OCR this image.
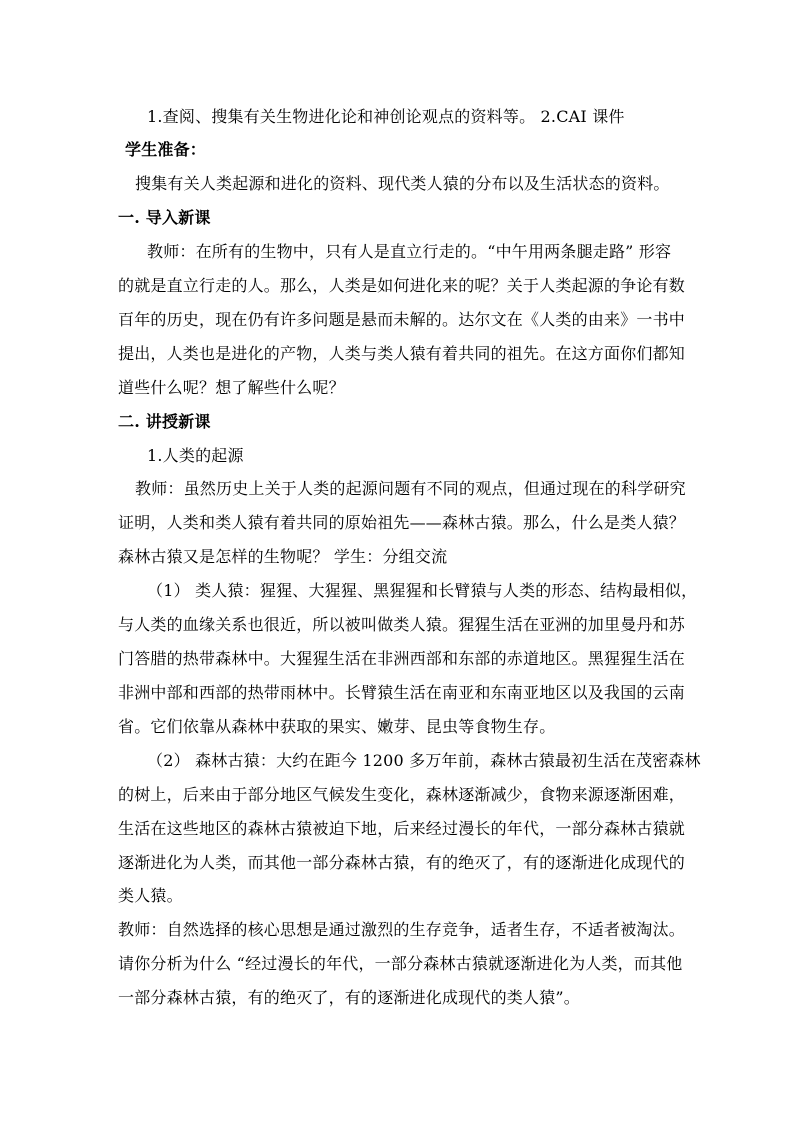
1.查阅、搜集有关生物进化论和神创论观点的资料等。 2.CAI 课件
学生准备：
搜集有关人类起源和进化的资料、现代类人猿的分布以及生活状态的资料。
一. 导入新课
教师：在所有的生物中，只有人是直立行走的。“中午用两条腿走路” 形容
的就是直立行走的人。那么，人类是如何进化来的呢？关于人类起源的争论有数
百年的历史，现在仍有许多问题是悬而未解的。达尔文在《人类的由来》一书中
提出，人类也是进化的产物，人类与类人猿有着共同的祖先。在这方面你们都知
道些什么呢？想了解些什么呢？
二. 讲授新课
1.人类的起源
教师：虽然历史上关于人类的起源问题有不同的观点，但通过现在的科学研究
证明，人类和类人猿有着共同的原始祖先——森林古猿。那么，什么是类人猿？
森林古猿又是怎样的生物呢？ 学生：分组交流
（1） 类人猿：猩猩、大猩猩、黑猩猩和长臂猿与人类的形态、结构最相似，
与人类的血缘关系也很近，所以被叫做类人猿。猩猩生活在亚洲的加里曼丹和苏
门答腊的热带森林中。大猩猩生活在非洲西部和东部的赤道地区。黑猩猩生活在
非洲中部和西部的热带雨林中。长臂猿生活在南亚和东南亚地区以及我国的云南
省。它们依靠从森林中获取的果实、嫩芽、昆虫等食物生存。
（2） 森林古猿：大约在距今 1200 多万年前，森林古猿最初生活在茂密森林
的树上，后来由于部分地区气候发生变化，森林逐渐减少，食物来源逐渐困难，
生活在这些地区的森林古猿被迫下地，后来经过漫长的年代，一部分森林古猿就
逐渐进化为人类，而其他一部分森林古猿，有的绝灭了，有的逐渐进化成现代的
类人猿。
教师：自然选择的核心思想是通过激烈的生存竞争，适者生存，不适者被淘汰。
请你分析为什么 “经过漫长的年代，一部分森林古猿就逐渐进化为人类，而其他
一部分森林古猿，有的绝灭了，有的逐渐进化成现代的类人猿”。
